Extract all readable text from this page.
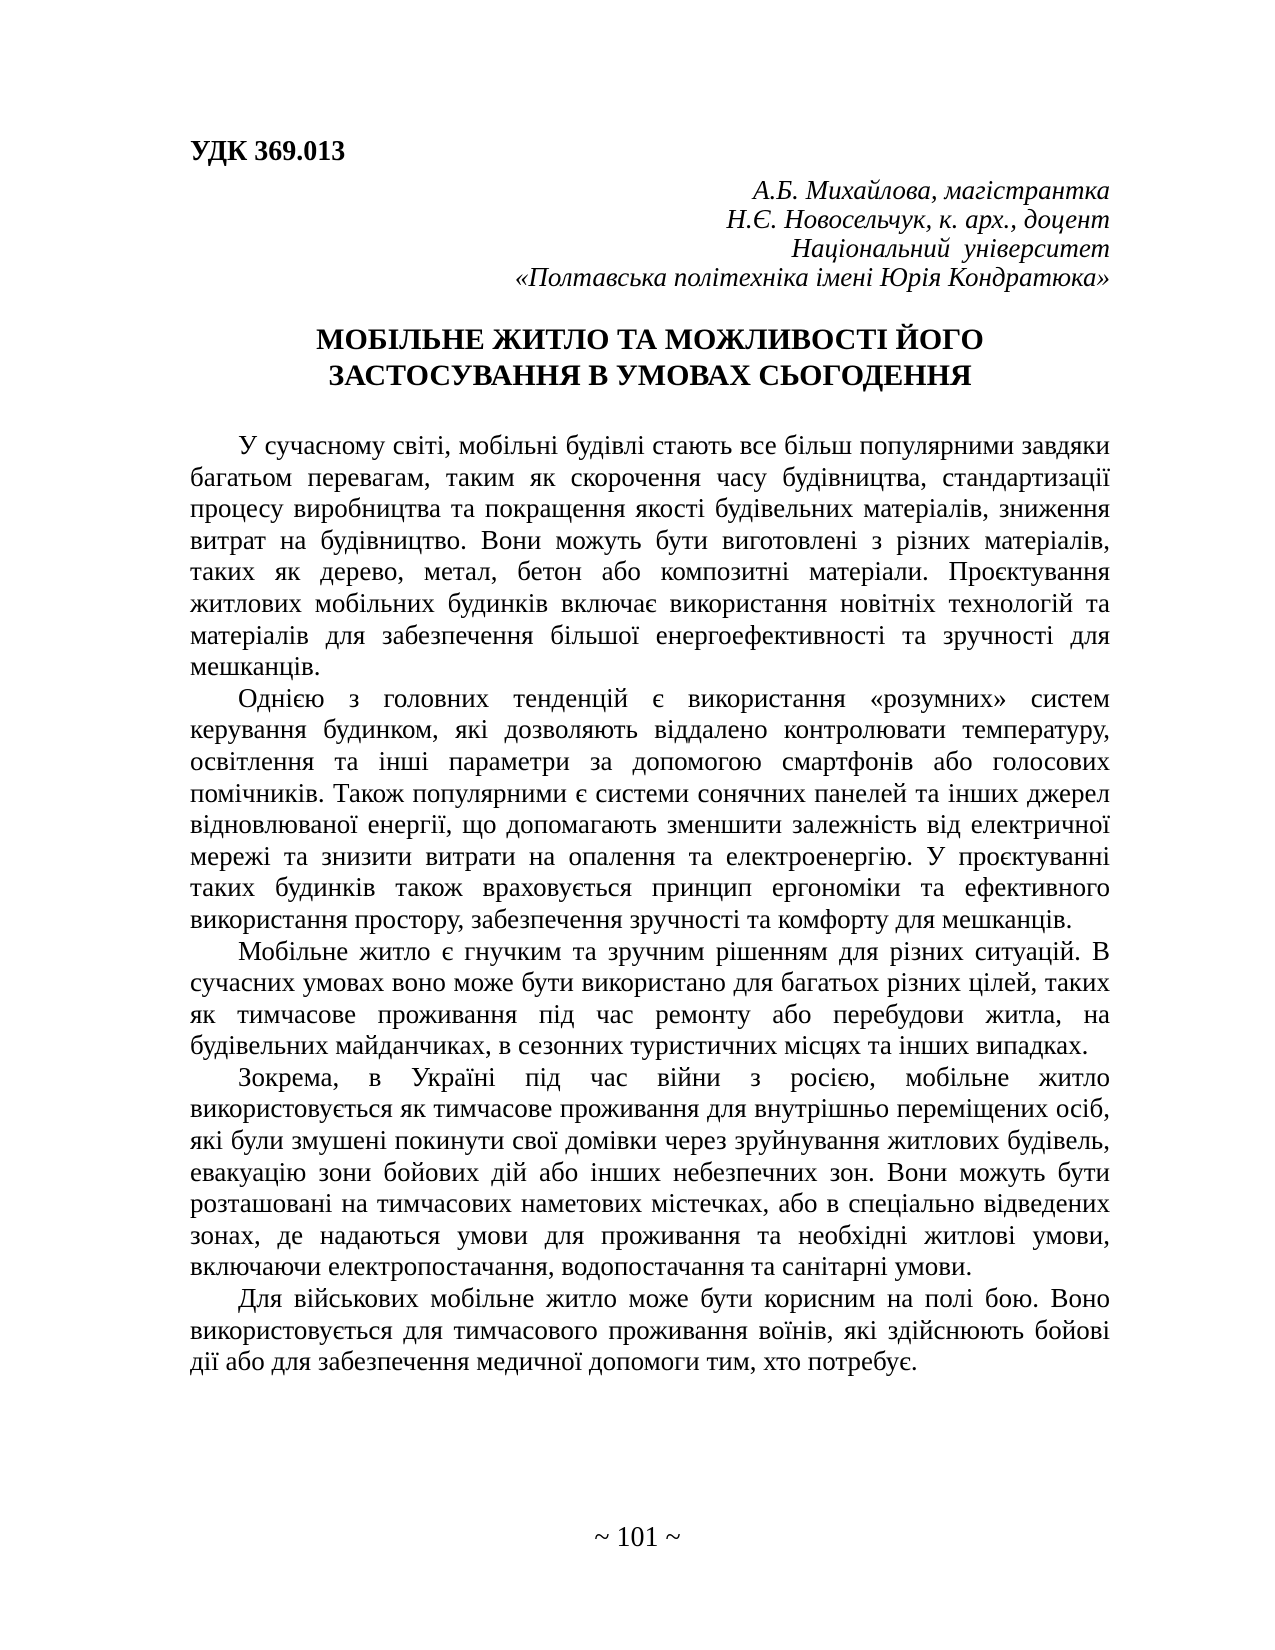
УДК 369.013
А.Б. Михайлова, магістрантка
Н.Є. Новосельчук, к. арх., доцент
Національний  університет
«Полтавська політехніка імені Юрія Кондратюка»
МОБІЛЬНЕ ЖИТЛО ТА МОЖЛИВОСТІ ЙОГО
ЗАСТОСУВАННЯ В УМОВАХ СЬОГОДЕННЯ

У сучасному світі, мобільні будівлі стають все більш популярними завдяки багатьом перевагам, таким як скорочення часу будівництва, стандартизації процесу виробництва та покращення якості будівельних матеріалів, зниження витрат на будівництво. Вони можуть бути виготовлені з різних матеріалів, таких як дерево, метал, бетон або композитні матеріали. Проєктування житлових мобільних будинків включає використання новітніх технологій та матеріалів для забезпечення більшої енергоефективності та зручності для мешканців.

Однією з головних тенденцій є використання «розумних» систем керування будинком, які дозволяють віддалено контролювати температуру, освітлення та інші параметри за допомогою смартфонів або голосових помічників. Також популярними є системи сонячних панелей та інших джерел відновлюваної енергії, що допомагають зменшити залежність від електричної мережі та знизити витрати на опалення та електроенергію. У проєктуванні таких будинків також враховується принцип ергономіки та ефективного використання простору, забезпечення зручності та комфорту для мешканців.

Мобільне житло є гнучким та зручним рішенням для різних ситуацій. В сучасних умовах воно може бути використано для багатьох різних цілей, таких як тимчасове проживання під час ремонту або перебудови житла, на будівельних майданчиках, в сезонних туристичних місцях та інших випадках.

Зокрема, в Україні під час війни з росією, мобільне житло використовується як тимчасове проживання для внутрішньо переміщених осіб, які були змушені покинути свої домівки через зруйнування житлових будівель, евакуацію зони бойових дій або інших небезпечних зон. Вони можуть бути розташовані на тимчасових наметових містечках, або в спеціально відведених зонах, де надаються умови для проживання та необхідні житлові умови, включаючи електропостачання, водопостачання та санітарні умови.

Для військових мобільне житло може бути корисним на полі бою. Воно використовується для тимчасового проживання воїнів, які здійснюють бойові дії або для забезпечення медичної допомоги тим, хто потребує.

~ 101 ~
